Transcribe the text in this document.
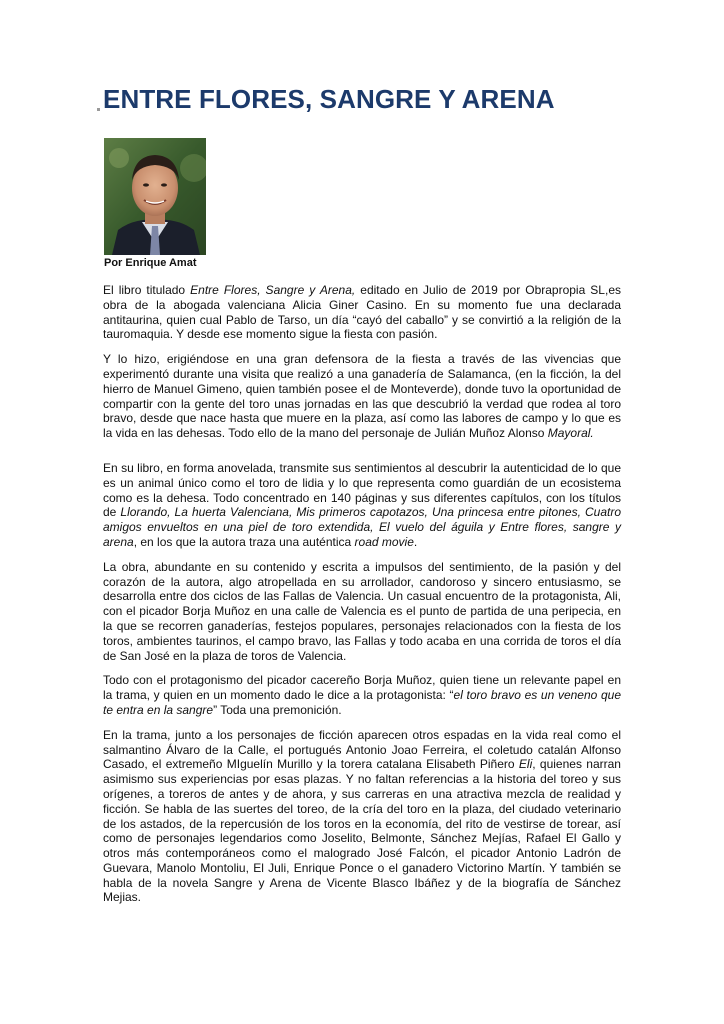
ENTRE FLORES, SANGRE Y ARENA
Por Enrique Amat

El libro titulado Entre Flores, Sangre y Arena, editado en Julio de 2019 por Obrapropia SL,es obra de la abogada valenciana Alicia Giner Casino. En su momento fue una declarada antitaurina, quien cual Pablo de Tarso, un día “cayó del caballo” y se convirtió a la religión de la tauromaquia. Y desde ese momento sigue la fiesta con pasión.

Y lo hizo, erigiéndose en una gran defensora de la fiesta a través de las vivencias que experimentó durante una visita que realizó a una ganadería de Salamanca, (en la ficción, la del hierro de Manuel Gimeno, quien también posee el de Monteverde), donde tuvo la oportunidad de compartir con la gente del toro unas jornadas en las que descubrió la verdad que rodea al toro bravo, desde que nace hasta que muere en la plaza, así como las labores de campo y lo que es la vida en las dehesas. Todo ello de la mano del personaje de Julián Muñoz Alonso Mayoral.

En su libro, en forma anovelada, transmite sus sentimientos al descubrir la autenticidad de lo que es un animal único como el toro de lidia y lo que representa como guardián de un ecosistema como es la dehesa. Todo concentrado en 140 páginas y sus diferentes capítulos, con los títulos de Llorando, La huerta Valenciana, Mis primeros capotazos, Una princesa entre pitones, Cuatro amigos envueltos en una piel de toro extendida, El vuelo del águila y Entre flores, sangre y arena, en los que la autora traza una auténtica road movie.

La obra, abundante en su contenido y escrita a impulsos del sentimiento, de la pasión y del corazón de la autora, algo atropellada en su arrollador, candoroso y sincero entusiasmo, se desarrolla entre dos ciclos de las Fallas de Valencia. Un casual encuentro de la protagonista, Ali, con el picador Borja Muñoz en una calle de Valencia es el punto de partida de una peripecia, en la que se recorren ganaderías, festejos populares, personajes relacionados con la fiesta de los toros, ambientes taurinos, el campo bravo, las Fallas y todo acaba en una corrida de toros el día de San José en la plaza de toros de Valencia.

Todo con el protagonismo del picador cacereño Borja Muñoz, quien tiene un relevante papel en la trama, y quien en un momento dado le dice a la protagonista: “el toro bravo es un veneno que te entra en la sangre” Toda una premonición.

En la trama, junto a los personajes de ficción aparecen otros espadas en la vida real como el salmantino Álvaro de la Calle, el portugués Antonio Joao Ferreira, el coletudo catalán Alfonso Casado, el extremeño MIguelín Murillo y la torera catalana Elisabeth Piñero Eli, quienes narran asimismo sus experiencias por esas plazas. Y no faltan referencias a la historia del toreo y sus orígenes, a toreros de antes y de ahora, y sus carreras en una atractiva mezcla de realidad y ficción. Se habla de las suertes del toreo, de la cría del toro en la plaza, del ciudado veterinario de los astados, de la repercusión de los toros en la economía, del rito de vestirse de torear, así como de personajes legendarios como Joselito, Belmonte, Sánchez Mejías, Rafael El Gallo y otros más contemporáneos como el malogrado José Falcón, el picador Antonio Ladrón de Guevara, Manolo Montoliu, El Juli, Enrique Ponce o el ganadero Victorino Martín. Y también se habla de la novela Sangre y Arena de Vicente Blasco Ibáñez y de la biografía de Sánchez Mejias.
